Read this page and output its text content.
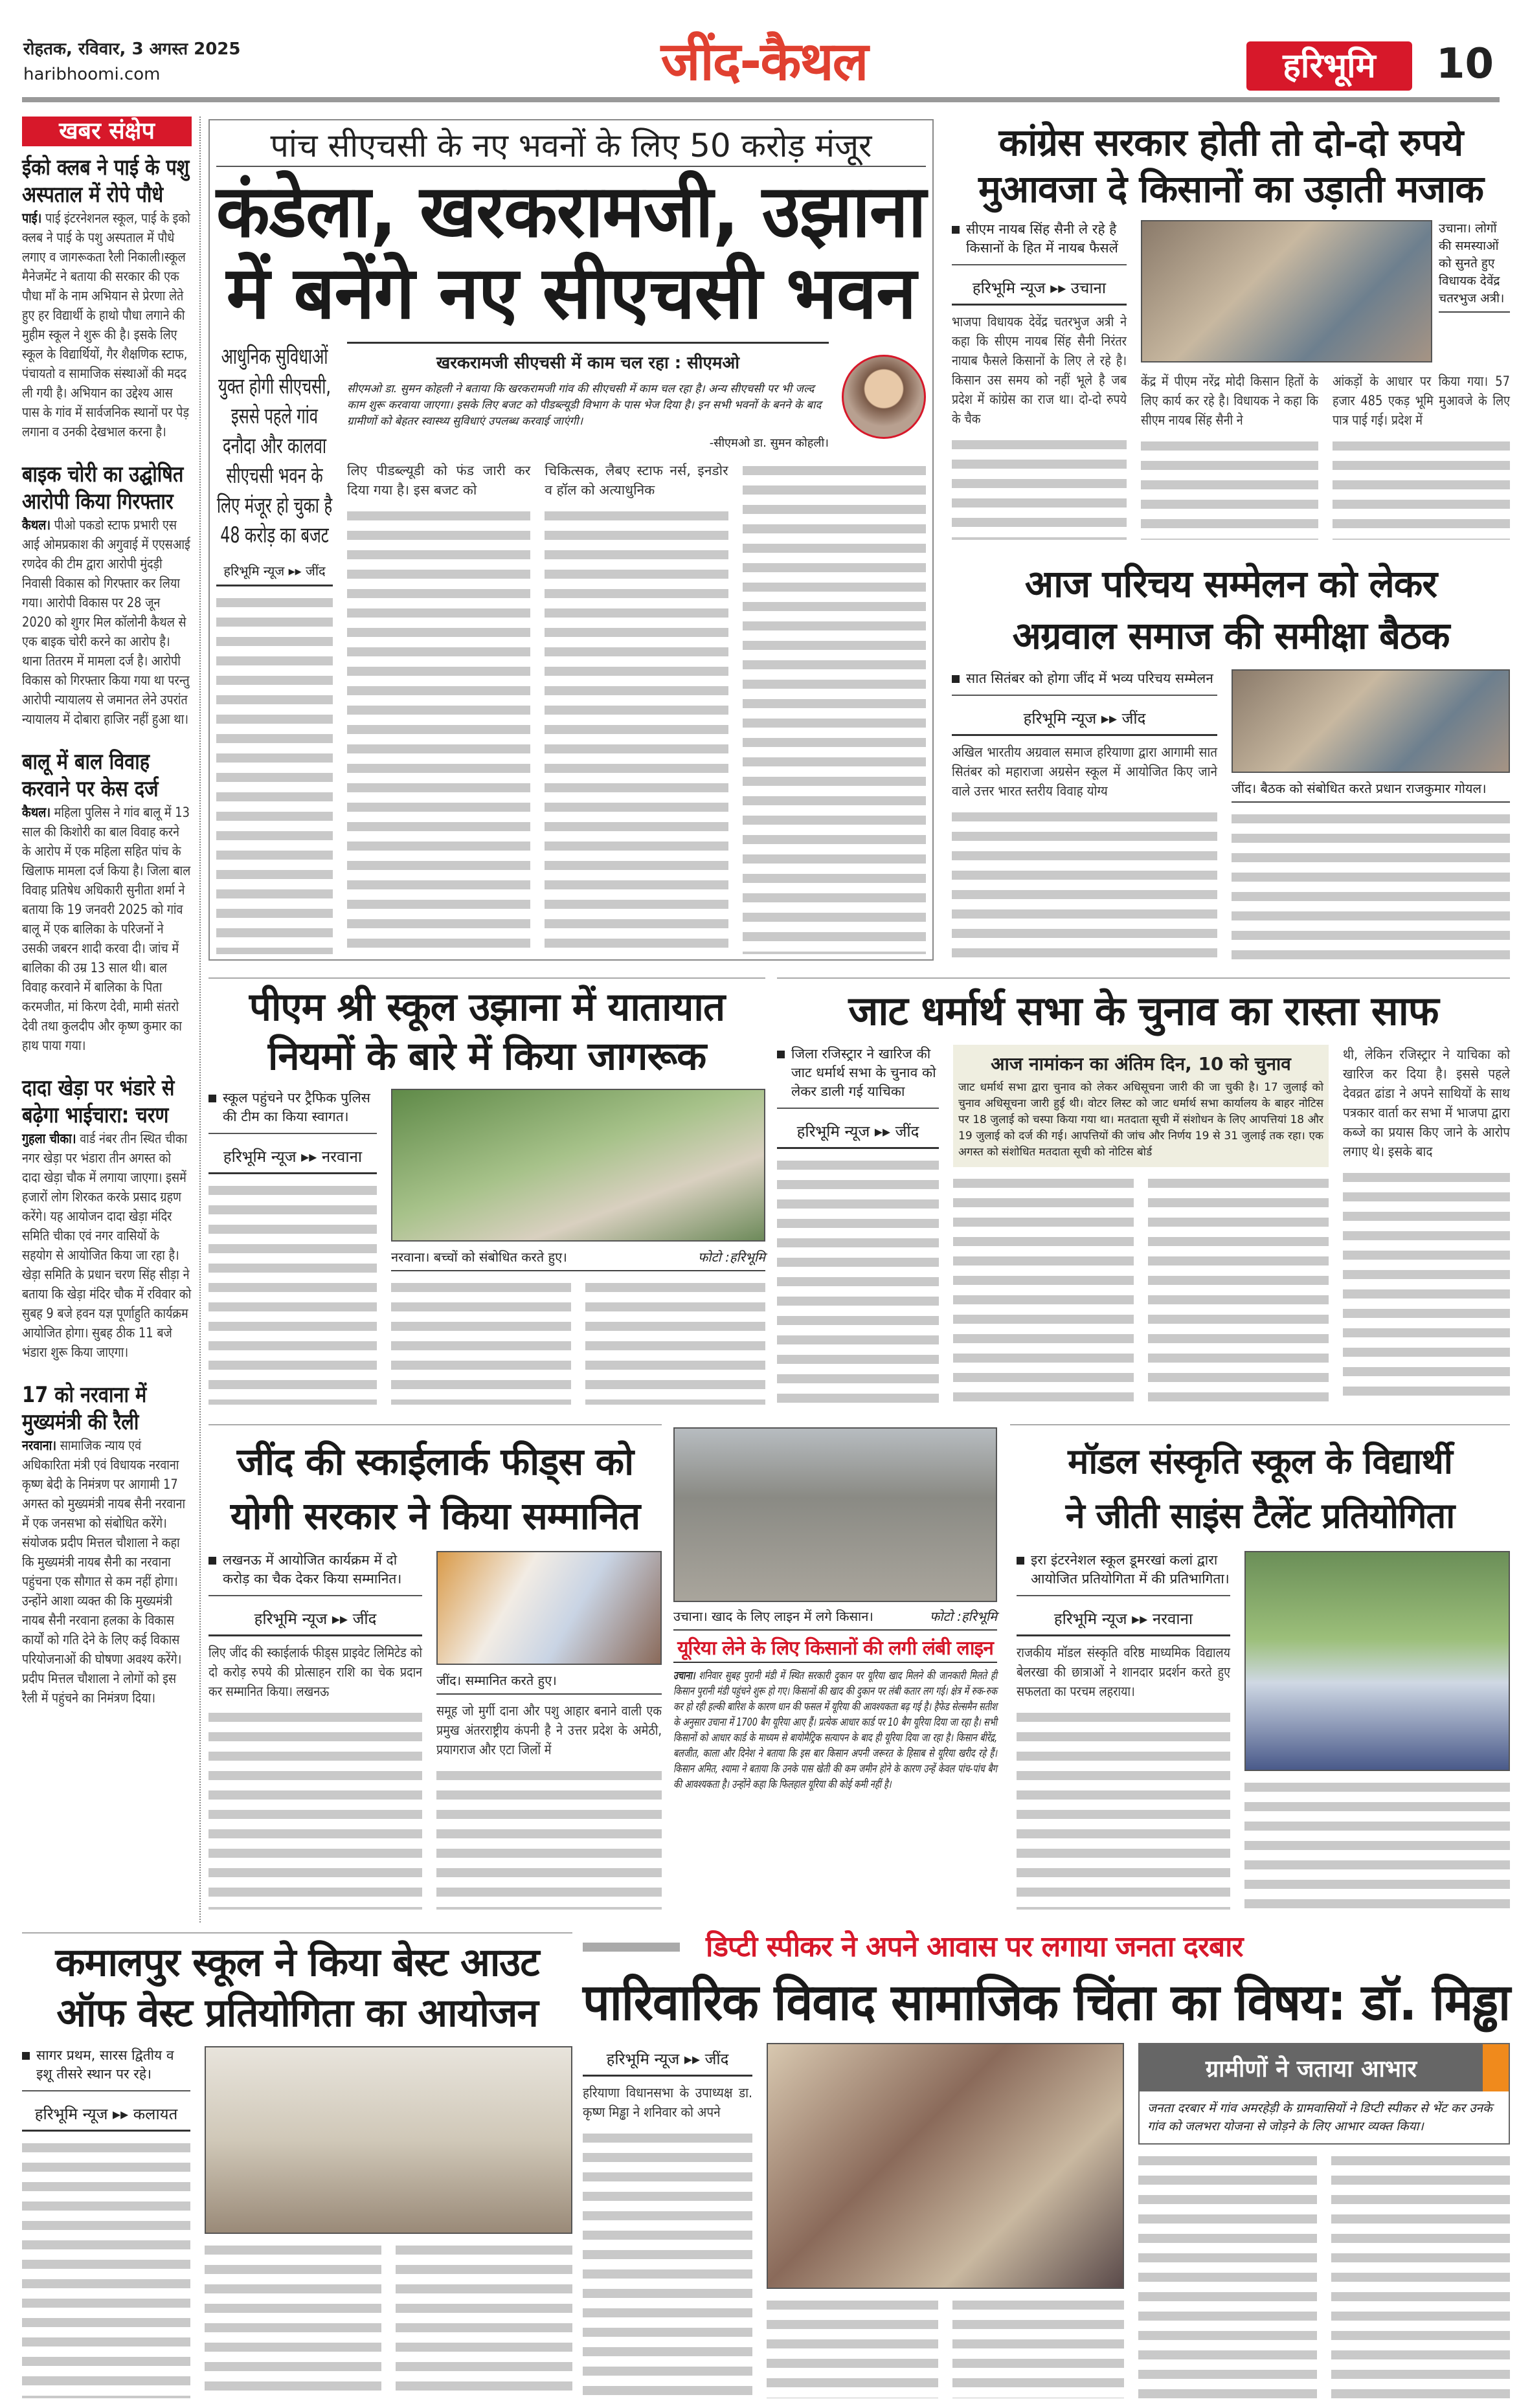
रोहतक, रविवार, 3 अगस्त 2025
haribhoomi.com	जींद-कैथल	हरिभूमि	10
खबर संक्षेप
ईको क्लब ने पाई के पशु अस्पताल में रोपे पौधे
पाई। पाई इंटरनेशनल स्कूल, पाई के इको क्लब ने पाई के पशु अस्पताल में पौधे लगाए व जागरूकता रैली निकाली।स्कूल मैनेजमेंट ने बताया की सरकार की एक पौधा माँ के नाम अभियान से प्रेरणा लेते हुए हर विद्यार्थी के हाथो पौधा लगाने की मुहीम स्कूल ने शुरू की है। इसके लिए स्कूल के विद्यार्थियों, गैर शैक्षणिक स्टाफ, पंचायतो व सामाजिक संस्थाओं की मदद ली गयी है। अभियान का उद्देश्य आस पास के गांव में सार्वजनिक स्थानों पर पेड़ लगाना व उनकी देखभाल करना है।
बाइक चोरी का उद्घोषित आरोपी किया गिरफ्तार
कैथल। पीओ पकडो स्टाफ प्रभारी एस आई ओमप्रकाश की अगुवाई में एएसआई रणदेव की टीम द्वारा आरोपी मुंदड़ी निवासी विकास को गिरफ्तार कर लिया गया। आरोपी विकास पर 28 जून 2020 को शुगर मिल कॉलोनी कैथल से एक बाइक चोरी करने का आरोप है। थाना तितरम में मामला दर्ज है। आरोपी विकास को गिरफ्तार किया गया था परन्तु आरोपी न्यायालय से जमानत लेने उपरांत न्यायालय में दोबारा हाजिर नहीं हुआ था।
बालू में बाल विवाह करवाने पर केस दर्ज
कैथल। महिला पुलिस ने गांव बालू में 13 साल की किशोरी का बाल विवाह करने के आरोप में एक महिला सहित पांच के खिलाफ मामला दर्ज किया है। जिला बाल विवाह प्रतिषेध अधिकारी सुनीता शर्मा ने बताया कि 19 जनवरी 2025 को गांव बालू में एक बालिका के परिजनों ने उसकी जबरन शादी करवा दी। जांच में बालिका की उम्र 13 साल थी। बाल विवाह करवाने में बालिका के पिता करमजीत, मां किरण देवी, मामी संतरो देवी तथा कुलदीप और कृष्ण कुमार का हाथ पाया गया।
दादा खेड़ा पर भंडारे से बढ़ेगा भाईचारा: चरण
गुहला चीका। वार्ड नंबर तीन स्थित चीका नगर खेड़ा पर भंडारा तीन अगस्त को दादा खेड़ा चौक में लगाया जाएगा। इसमें हजारों लोग शिरकत करके प्रसाद ग्रहण करेंगे। यह आयोजन दादा खेड़ा मंदिर समिति चीका एवं नगर वासियों के सहयोग से आयोजित किया जा रहा है। खेड़ा समिति के प्रधान चरण सिंह सीड़ा ने बताया कि खेड़ा मंदिर चौक में रविवार को सुबह 9 बजे हवन यज्ञ पूर्णाहुति कार्यक्रम आयोजित होगा। सुबह ठीक 11 बजे भंडारा शुरू किया जाएगा।
17 को नरवाना में मुख्यमंत्री की रैली
नरवाना। सामाजिक न्याय एवं अधिकारिता मंत्री एवं विधायक नरवाना कृष्ण बेदी के निमंत्रण पर आगामी 17 अगस्त को मुख्यमंत्री नायब सैनी नरवाना में एक जनसभा को संबोधित करेंगे। संयोजक प्रदीप मित्तल चौशाला ने कहा कि मुख्यमंत्री नायब सैनी का नरवाना पहुंचना एक सौगात से कम नहीं होगा। उन्होंने आशा व्यक्त की कि मुख्यमंत्री नायब सैनी नरवाना हलका के विकास कार्यों को गति देने के लिए कई विकास परियोजनाओं की घोषणा अवश्य करेंगे। प्रदीप मित्तल चौशाला ने लोगों को इस रैली में पहुंचने का निमंत्रण दिया।
पांच सीएचसी के नए भवनों के लिए 50 करोड़ मंजूर
कंडेला, खरकरामजी, उझाना
में बनेंगे नए सीएचसी भवन
आधुनिक सुविधाओं युक्त होगी सीएचसी, इससे पहले गांव दनौदा और कालवा सीएचसी भवन के लिए मंजूर हो चुका है 48 करोड़ का बजट
हरिभूमि न्यूज ▸▸ जींद
खरकरामजी सीएचसी में काम चल रहा : सीएमओ
सीएमओ डा. सुमन कोहली ने बताया कि खरकरामजी गांव की सीएचसी में काम चल रहा है। अन्य सीएचसी पर भी जल्द काम शुरू करवाया जाएगा। इसके लिए बजट को पीडब्ल्यूडी विभाग के पास भेज दिया है। इन सभी भवनों के बनने के बाद ग्रामीणों को बेहतर स्वास्थ्य सुविधाएं उपलब्ध करवाई जाएंगी।
-सीएमओ डा. सुमन कोहली।
लिए पीडब्ल्यूडी को फंड जारी कर दिया गया है। इस बजट को
चिकित्सक, लैबए स्टाफ नर्स, इनडोर व हॉल को अत्याधुनिक
कांग्रेस सरकार होती तो दो-दो रुपये
मुआवजा दे किसानों का उड़ाती मजाक
सीएम नायब सिंह सैनी ले रहे है किसानों के हित में नायब फैसलें
हरिभूमि न्यूज ▸▸ उचाना
भाजपा विधायक देवेंद्र चतरभुज अत्री ने कहा कि सीएम नायब सिंह सैनी निरंतर नायाब फैसले किसानों के लिए ले रहे है। किसान उस समय को नहीं भूले है जब प्रदेश में कांग्रेस का राज था। दो-दो रुपये के चैक
उचाना। लोगों की समस्याओं को सुनते हुए विधायक देवेंद्र चतरभुज अत्री।
केंद्र में पीएम नरेंद्र मोदी किसान हितों के लिए कार्य कर रहे है। विधायक ने कहा कि सीएम नायब सिंह सैनी ने
आंकड़ों के आधार पर किया गया। 57 हजार 485 एकड़ भूमि मुआवजे के लिए पात्र पाई गई। प्रदेश में
आज परिचय सम्मेलन को लेकर
अग्रवाल समाज की समीक्षा बैठक
सात सितंबर को होगा जींद में भव्य परिचय सम्मेलन
हरिभूमि न्यूज ▸▸ जींद
अखिल भारतीय अग्रवाल समाज हरियाणा द्वारा आगामी सात सितंबर को महाराजा अग्रसेन स्कूल में आयोजित किए जाने वाले उत्तर भारत स्तरीय विवाह योग्य	जींद। बैठक को संबोधित करते प्रधान राजकुमार गोयल।
पीएम श्री स्कूल उझाना में यातायात
नियमों के बारे में किया जागरूक
स्कूल पहुंचने पर ट्रैफिक पुलिस की टीम का किया स्वागत।
हरिभूमि न्यूज ▸▸ नरवाना
नरवाना। बच्चों को संबोधित करते हुए।	फोटो :हरिभूमि
जाट धर्मार्थ सभा के चुनाव का रास्ता साफ
जिला रजिस्ट्रार ने खारिज की जाट धर्मार्थ सभा के चुनाव को लेकर डाली गई याचिका
हरिभूमि न्यूज ▸▸ जींद
आज नामांकन का अंतिम दिन, 10 को चुनाव
जाट धर्मार्थ सभा द्वारा चुनाव को लेकर अधिसूचना जारी की जा चुकी है। 17 जुलाई को चुनाव अधिसूचना जारी हुई थी। वोटर लिस्ट को जाट धर्मार्थ सभा कार्यालय के बाहर नोटिस पर 18 जुलाई को चस्पा किया गया था। मतदाता सूची में संशोधन के लिए आपत्तियां 18 और 19 जुलाई को दर्ज की गई। आपत्तियों की जांच और निर्णय 19 से 31 जुलाई तक रहा। एक अगस्त को संशोधित मतदाता सूची को नोटिस बोर्ड
थी, लेकिन रजिस्ट्रार ने याचिका को खारिज कर दिया है। इससे पहले देवव्रत ढांडा ने अपने साथियों के साथ पत्रकार वार्ता कर सभा में भाजपा द्वारा कब्जे का प्रयास किए जाने के आरोप लगाए थे। इसके बाद
जींद की स्काईलार्क फीड्स को
योगी सरकार ने किया सम्मानित
लखनऊ में आयोजित कार्यक्रम में दो करोड़ का चैक देकर किया सम्मानित।
हरिभूमि न्यूज ▸▸ जींद
लिए जींद की स्काईलार्क फीड्स प्राइवेट लिमिटेड को दो करोड़ रुपये की प्रोत्साहन राशि का चेक प्रदान कर सम्मानित किया। लखनऊ
जींद। सम्मानित करते हुए।
समूह जो मुर्गी दाना और पशु आहार बनाने वाली एक प्रमुख अंतरराष्ट्रीय कंपनी है ने उत्तर प्रदेश के अमेठी, प्रयागराज और एटा जिलों में
उचाना। खाद के लिए लाइन में लगे किसान।	फोटो :हरिभूमि
यूरिया लेने के लिए किसानों की लगी लंबी लाइन
उचाना। शनिवार सुबह पुरानी मंडी में स्थित सरकारी दुकान पर यूरिया खाद मिलने की जानकारी मिलते ही किसान पुरानी मंडी पहुंचने शुरू हो गए। किसानों की खाद की दुकान पर लंबी कतार लग गई। क्षेत्र में रुक-रुक कर हो रही हल्की बारिश के कारण धान की फसल में यूरिया की आवश्यकता बढ़ गई है। हैफेड सेल्समैन सतीश के अनुसार उचाना में 1700 बैग यूरिया आए हैं। प्रत्येक आधार कार्ड पर 10 बैग यूरिया दिया जा रहा है। सभी किसानों को आधार कार्ड के माध्यम से बायोमैट्रिक सत्यापन के बाद ही यूरिया दिया जा रहा है। किसान बीरेंद्र, बलजीत, काला और दिनेश ने बताया कि इस बार किसान अपनी जरूरत के हिसाब से यूरिया खरीद रहे हैं। किसान अमित, श्यामा ने बताया कि उनके पास खेती की कम जमीन होने के कारण उन्हें केवल पांच-पांच बैग की आवश्यकता है। उन्होंने कहा कि फिलहाल यूरिया की कोई कमी नहीं है।
मॉडल संस्कृति स्कूल के विद्यार्थी
ने जीती साइंस टैलेंट प्रतियोगिता
इरा इंटरनेशल स्कूल डूमरखां कलां द्वारा आयोजित प्रतियोगिता में की प्रतिभागिता।
हरिभूमि न्यूज ▸▸ नरवाना
राजकीय मॉडल संस्कृति वरिष्ठ माध्यमिक विद्यालय बेलरखा की छात्राओं ने शानदार प्रदर्शन करते हुए सफलता का परचम लहराया।
कमालपुर स्कूल ने किया बेस्ट आउट
ऑफ वेस्ट प्रतियोगिता का आयोजन
सागर प्रथम, सारस द्वितीय व इशू तीसरे स्थान पर रहे।
हरिभूमि न्यूज ▸▸ कलायत
डिप्टी स्पीकर ने अपने आवास पर लगाया जनता दरबार
पारिवारिक विवाद सामाजिक चिंता का विषय: डॉ. मिड्ढा
हरिभूमि न्यूज ▸▸ जींद
हरियाणा विधानसभा के उपाध्यक्ष डा. कृष्ण मिड्ढा ने शनिवार को अपने
ग्रामीणों ने जताया आभार
जनता दरबार में गांव अमरहेड़ी के ग्रामवासियों ने डिप्टी स्पीकर से भेंट कर उनके गांव को जलभरा योजना से जोड़ने के लिए आभार व्यक्त किया।
